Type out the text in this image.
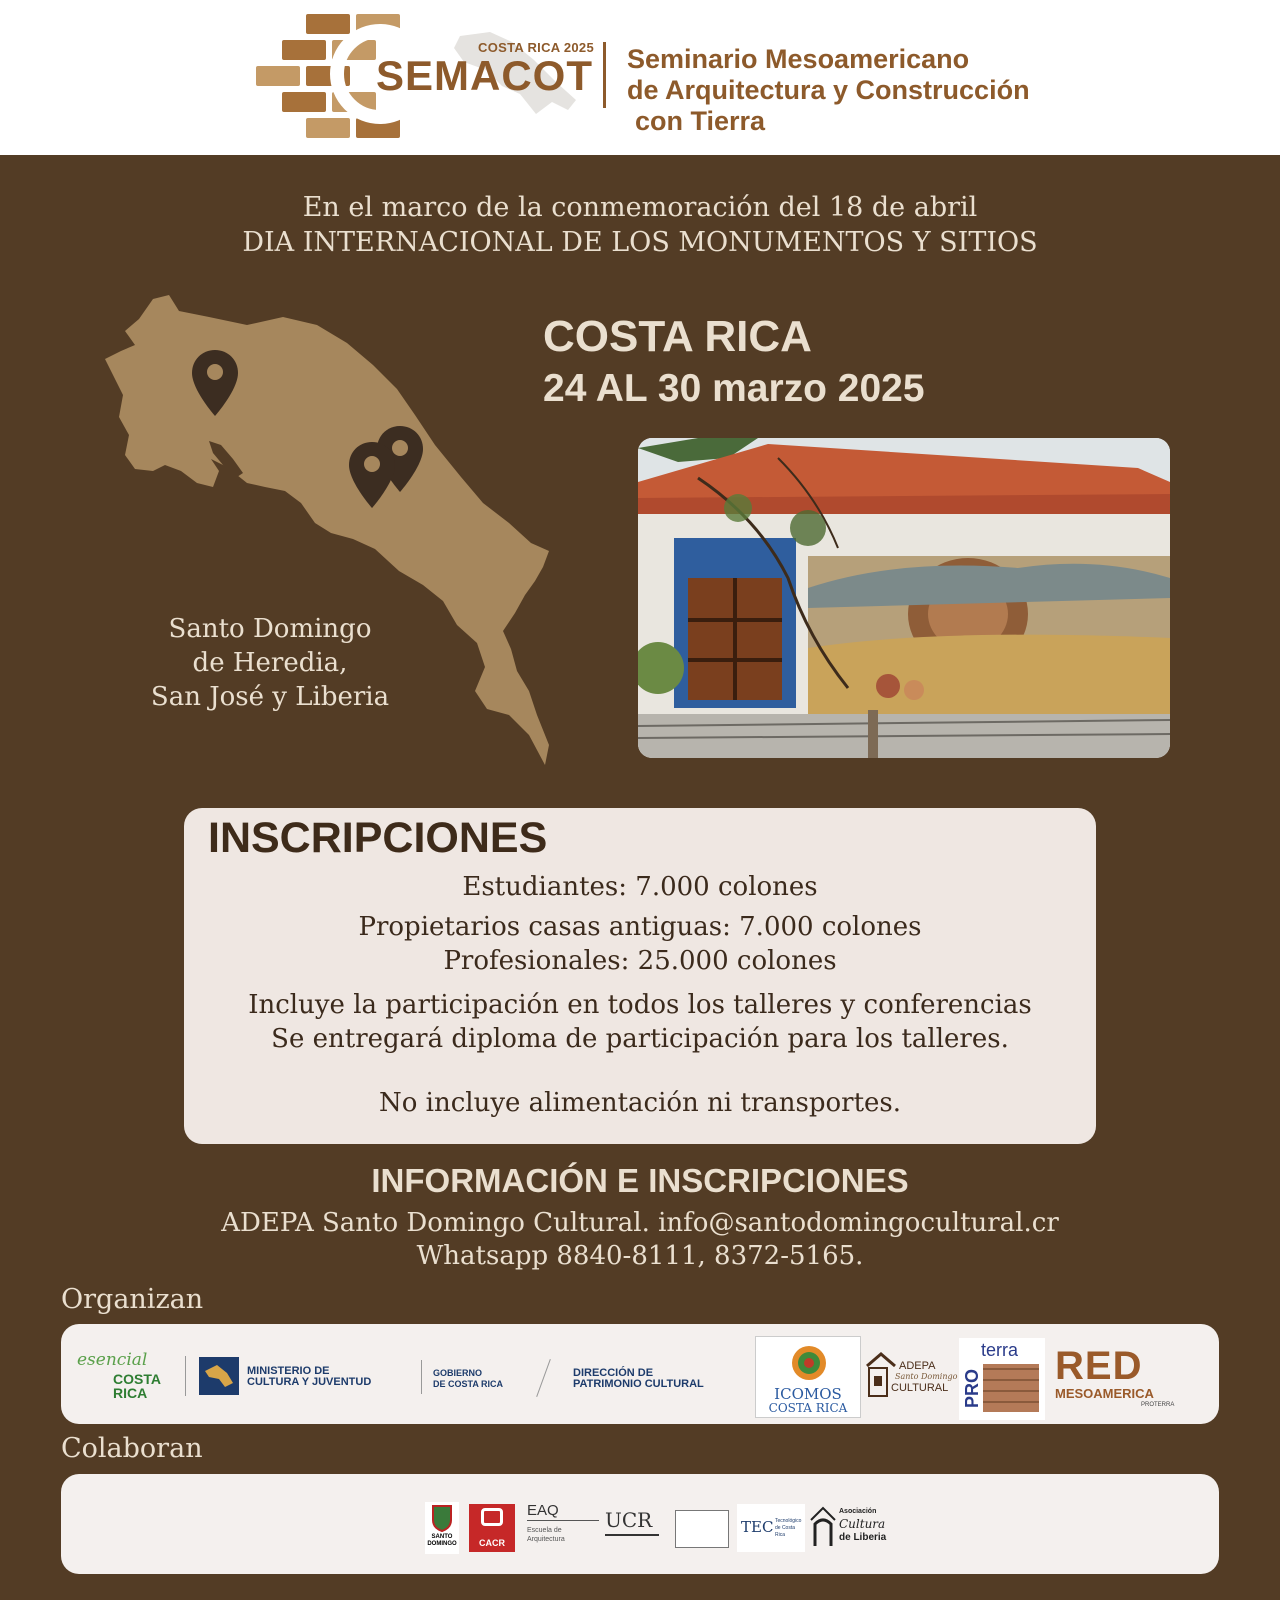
COSTA RICA 2025
SEMACOT Seminario Mesoamericano
de Arquitectura y Construcción
con Tierra
En el marco de la conmemoración del 18 de abril
DIA INTERNACIONAL DE LOS MONUMENTOS Y SITIOS
Santo Domingo
de Heredia,
San José y Liberia
COSTA RICA
24 AL 30 marzo 2025
INSCRIPCIONES
Estudiantes: 7.000 colones
Propietarios casas antiguas: 7.000 colones
Profesionales: 25.000 colones
Incluye la participación en todos los talleres y conferencias
Se entregará diploma de participación para los talleres.
No incluye alimentación ni transportes.
INFORMACIÓN E INSCRIPCIONES
ADEPA Santo Domingo Cultural. info@santodomingocultural.cr
Whatsapp 8840-8111, 8372-5165.
Organizan
esencial
COSTA
RICA
MINISTERIO DE
CULTURA Y JUVENTUD
GOBIERNO
DE COSTA RICA
DIRECCIÓN DE
PATRIMONIO CULTURAL
ICOMOS
COSTA RICA
ADEPA
Santo Domingo
CULTURAL
terra
PRO
RED
MESOAMERICA
PROTERRA
Colaboran
SANTO
DOMINGO	CACR
EAQ
Escuela de
Arquitectura
UCR	TEC Tecnológico
de Costa Rica
Asociación
Cultura
de Liberia
